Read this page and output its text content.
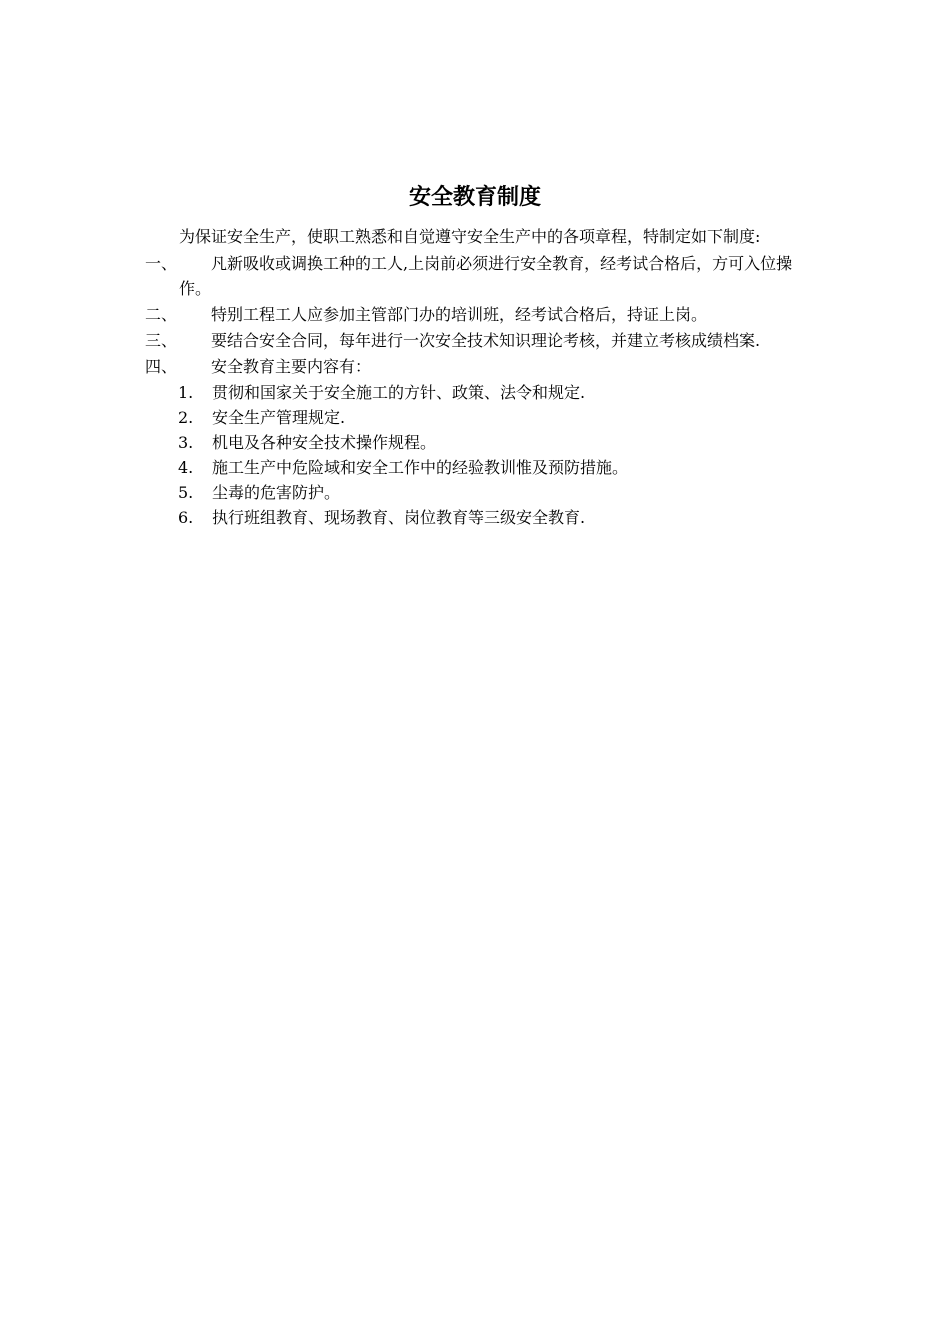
安全教育制度

为保证安全生产，使职工熟悉和自觉遵守安全生产中的各项章程，特制定如下制度:

一、	凡新吸收或调换工种的工人,上岗前必须进行安全教育，经考试合格后，方可入位操作。
二、	特别工程工人应参加主管部门办的培训班，经考试合格后，持证上岗。
三、	要结合安全合同，每年进行一次安全技术知识理论考核，并建立考核成绩档案.
四、	安全教育主要内容有：
1. 贯彻和国家关于安全施工的方针、政策、法令和规定.
2. 安全生产管理规定.
3. 机电及各种安全技术操作规程。
4. 施工生产中危险域和安全工作中的经验教训惟及预防措施。
5. 尘毒的危害防护。
6. 执行班组教育、现场教育、岗位教育等三级安全教育.
